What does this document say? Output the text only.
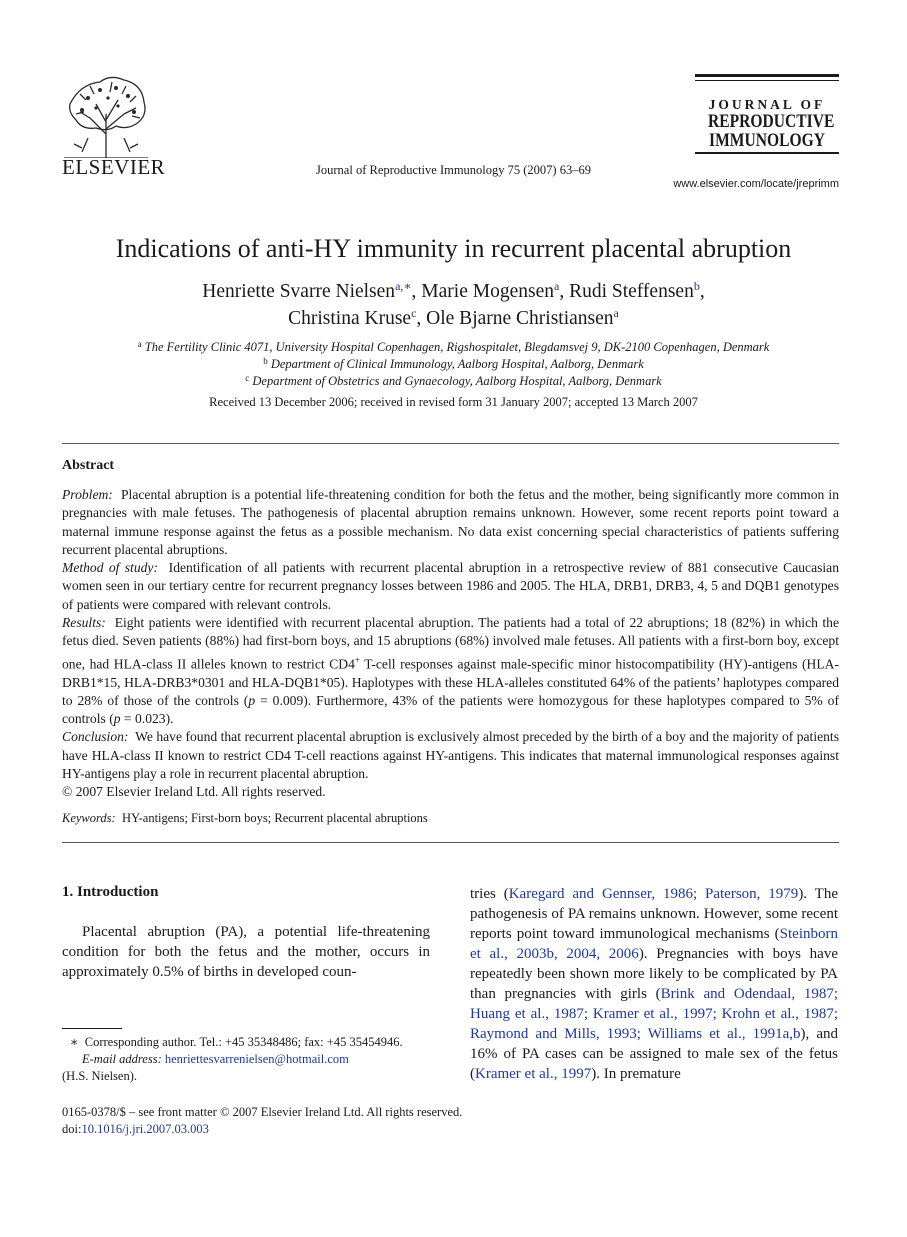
ELSEVIER	Journal of Reproductive Immunology 75 (2007) 63–69
JOURNAL OF
REPRODUCTIVE
IMMUNOLOGY
www.elsevier.com/locate/jreprimm
Indications of anti-HY immunity in recurrent placental abruption
Henriette Svarre Nielsen$^{a,∗}$, Marie Mogensen$^a$, Rudi Steffensen$^b$,
Christina Kruse$^c$, Ole Bjarne Christiansen$^a$
$^a$ The Fertility Clinic 4071, University Hospital Copenhagen, Rigshospitalet, Blegdamsvej 9, DK-2100 Copenhagen, Denmark
$^b$ Department of Clinical Immunology, Aalborg Hospital, Aalborg, Denmark
$^c$ Department of Obstetrics and Gynaecology, Aalborg Hospital, Aalborg, Denmark
Received 13 December 2006; received in revised form 31 January 2007; accepted 13 March 2007
Abstract

Problem: Placental abruption is a potential life-threatening condition for both the fetus and the mother, being significantly more common in pregnancies with male fetuses. The pathogenesis of placental abruption remains unknown. However, some recent reports point toward a maternal immune response against the fetus as a possible mechanism. No data exist concerning special characteristics of patients suffering recurrent placental abruptions.

Method of study: Identification of all patients with recurrent placental abruption in a retrospective review of 881 consecutive Caucasian women seen in our tertiary centre for recurrent pregnancy losses between 1986 and 2005. The HLA, DRB1, DRB3, 4, 5 and DQB1 genotypes of patients were compared with relevant controls.

Results: Eight patients were identified with recurrent placental abruption. The patients had a total of 22 abruptions; 18 (82%) in which the fetus died. Seven patients (88%) had first-born boys, and 15 abruptions (68%) involved male fetuses. All patients with a first-born boy, except one, had HLA-class II alleles known to restrict CD4+ T-cell responses against male-specific minor histocompatibility (HY)-antigens (HLA-DRB1*15, HLA-DRB3*0301 and HLA-DQB1*05). Haplotypes with these HLA-alleles constituted 64% of the patients’ haplotypes compared to 28% of those of the controls (p = 0.009). Furthermore, 43% of the patients were homozygous for these haplotypes compared to 5% of controls (p = 0.023).

Conclusion: We have found that recurrent placental abruption is exclusively almost preceded by the birth of a boy and the majority of patients have HLA-class II known to restrict CD4 T-cell reactions against HY-antigens. This indicates that maternal immunological responses against HY-antigens play a role in recurrent placental abruption.

© 2007 Elsevier Ireland Ltd. All rights reserved.

Keywords: HY-antigens; First-born boys; Recurrent placental abruptions
1. Introduction
Placental abruption (PA), a potential life-threatening condition for both the fetus and the mother, occurs in approximately 0.5% of births in developed coun-
tries (Karegard and Gennser, 1986; Paterson, 1979). The pathogenesis of PA remains unknown. However, some recent reports point toward immunological mechanisms (Steinborn et al., 2003b, 2004, 2006). Pregnancies with boys have repeatedly been shown more likely to be complicated by PA than pregnancies with girls (Brink and Odendaal, 1987; Huang et al., 1987; Kramer et al., 1997; Krohn et al., 1987; Raymond and Mills, 1993; Williams et al., 1991a,b), and 16% of PA cases can be assigned to male sex of the fetus (Kramer et al., 1997). In premature
∗ Corresponding author. Tel.: +45 35348486; fax: +45 35454946.
E-mail address: henriettesvarrenielsen@hotmail.com
(H.S. Nielsen).
0165-0378/$ – see front matter © 2007 Elsevier Ireland Ltd. All rights reserved.
doi:10.1016/j.jri.2007.03.003
